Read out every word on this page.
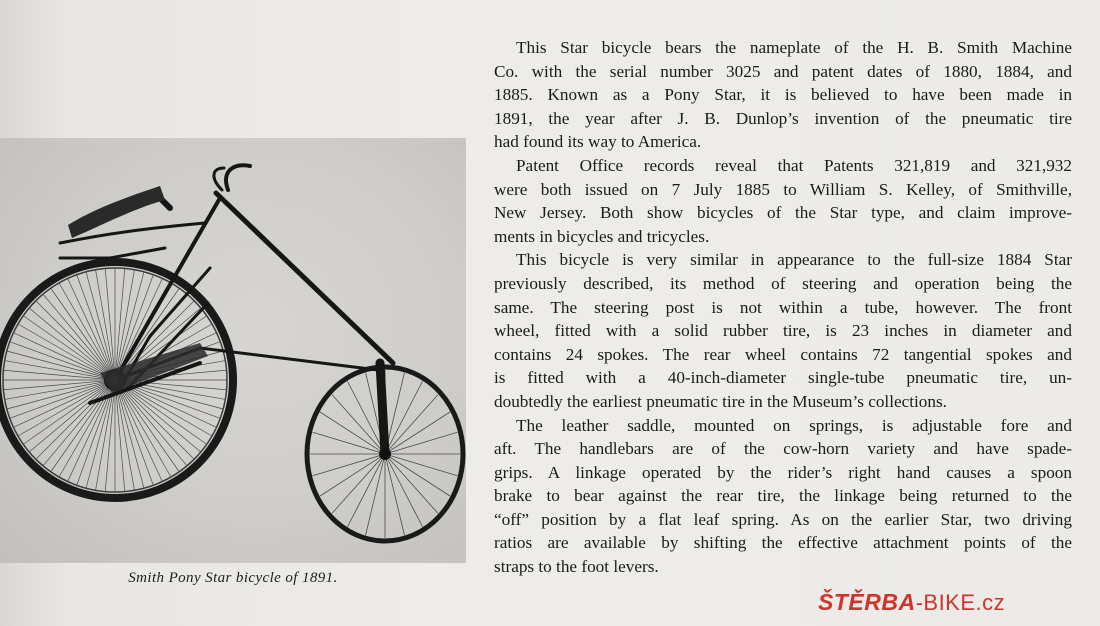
Smith Pony Star bicycle of 1891.

This Star bicycle bears the nameplate of the H. B. Smith Machine
Co. with the serial number 3025 and patent dates of 1880, 1884, and
1885. Known as a Pony Star, it is believed to have been made in
1891, the year after J. B. Dunlop’s invention of the pneumatic tire
had found its way to America.

Patent Office records reveal that Patents 321,819 and 321,932
were both issued on 7 July 1885 to William S. Kelley, of Smithville,
New Jersey. Both show bicycles of the Star type, and claim improve-
ments in bicycles and tricycles.

This bicycle is very similar in appearance to the full-size 1884 Star
previously described, its method of steering and operation being the
same. The steering post is not within a tube, however. The front
wheel, fitted with a solid rubber tire, is 23 inches in diameter and
contains 24 spokes. The rear wheel contains 72 tangential spokes and
is fitted with a 40-inch-diameter single-tube pneumatic tire, un-
doubtedly the earliest pneumatic tire in the Museum’s collections.

The leather saddle, mounted on springs, is adjustable fore and
aft. The handlebars are of the cow-horn variety and have spade-
grips. A linkage operated by the rider’s right hand causes a spoon
brake to bear against the rear tire, the linkage being returned to the
“off” position by a flat leaf spring. As on the earlier Star, two driving
ratios are available by shifting the effective attachment points of the
straps to the foot levers.

ŠTĚRBA-BIKE.cz
